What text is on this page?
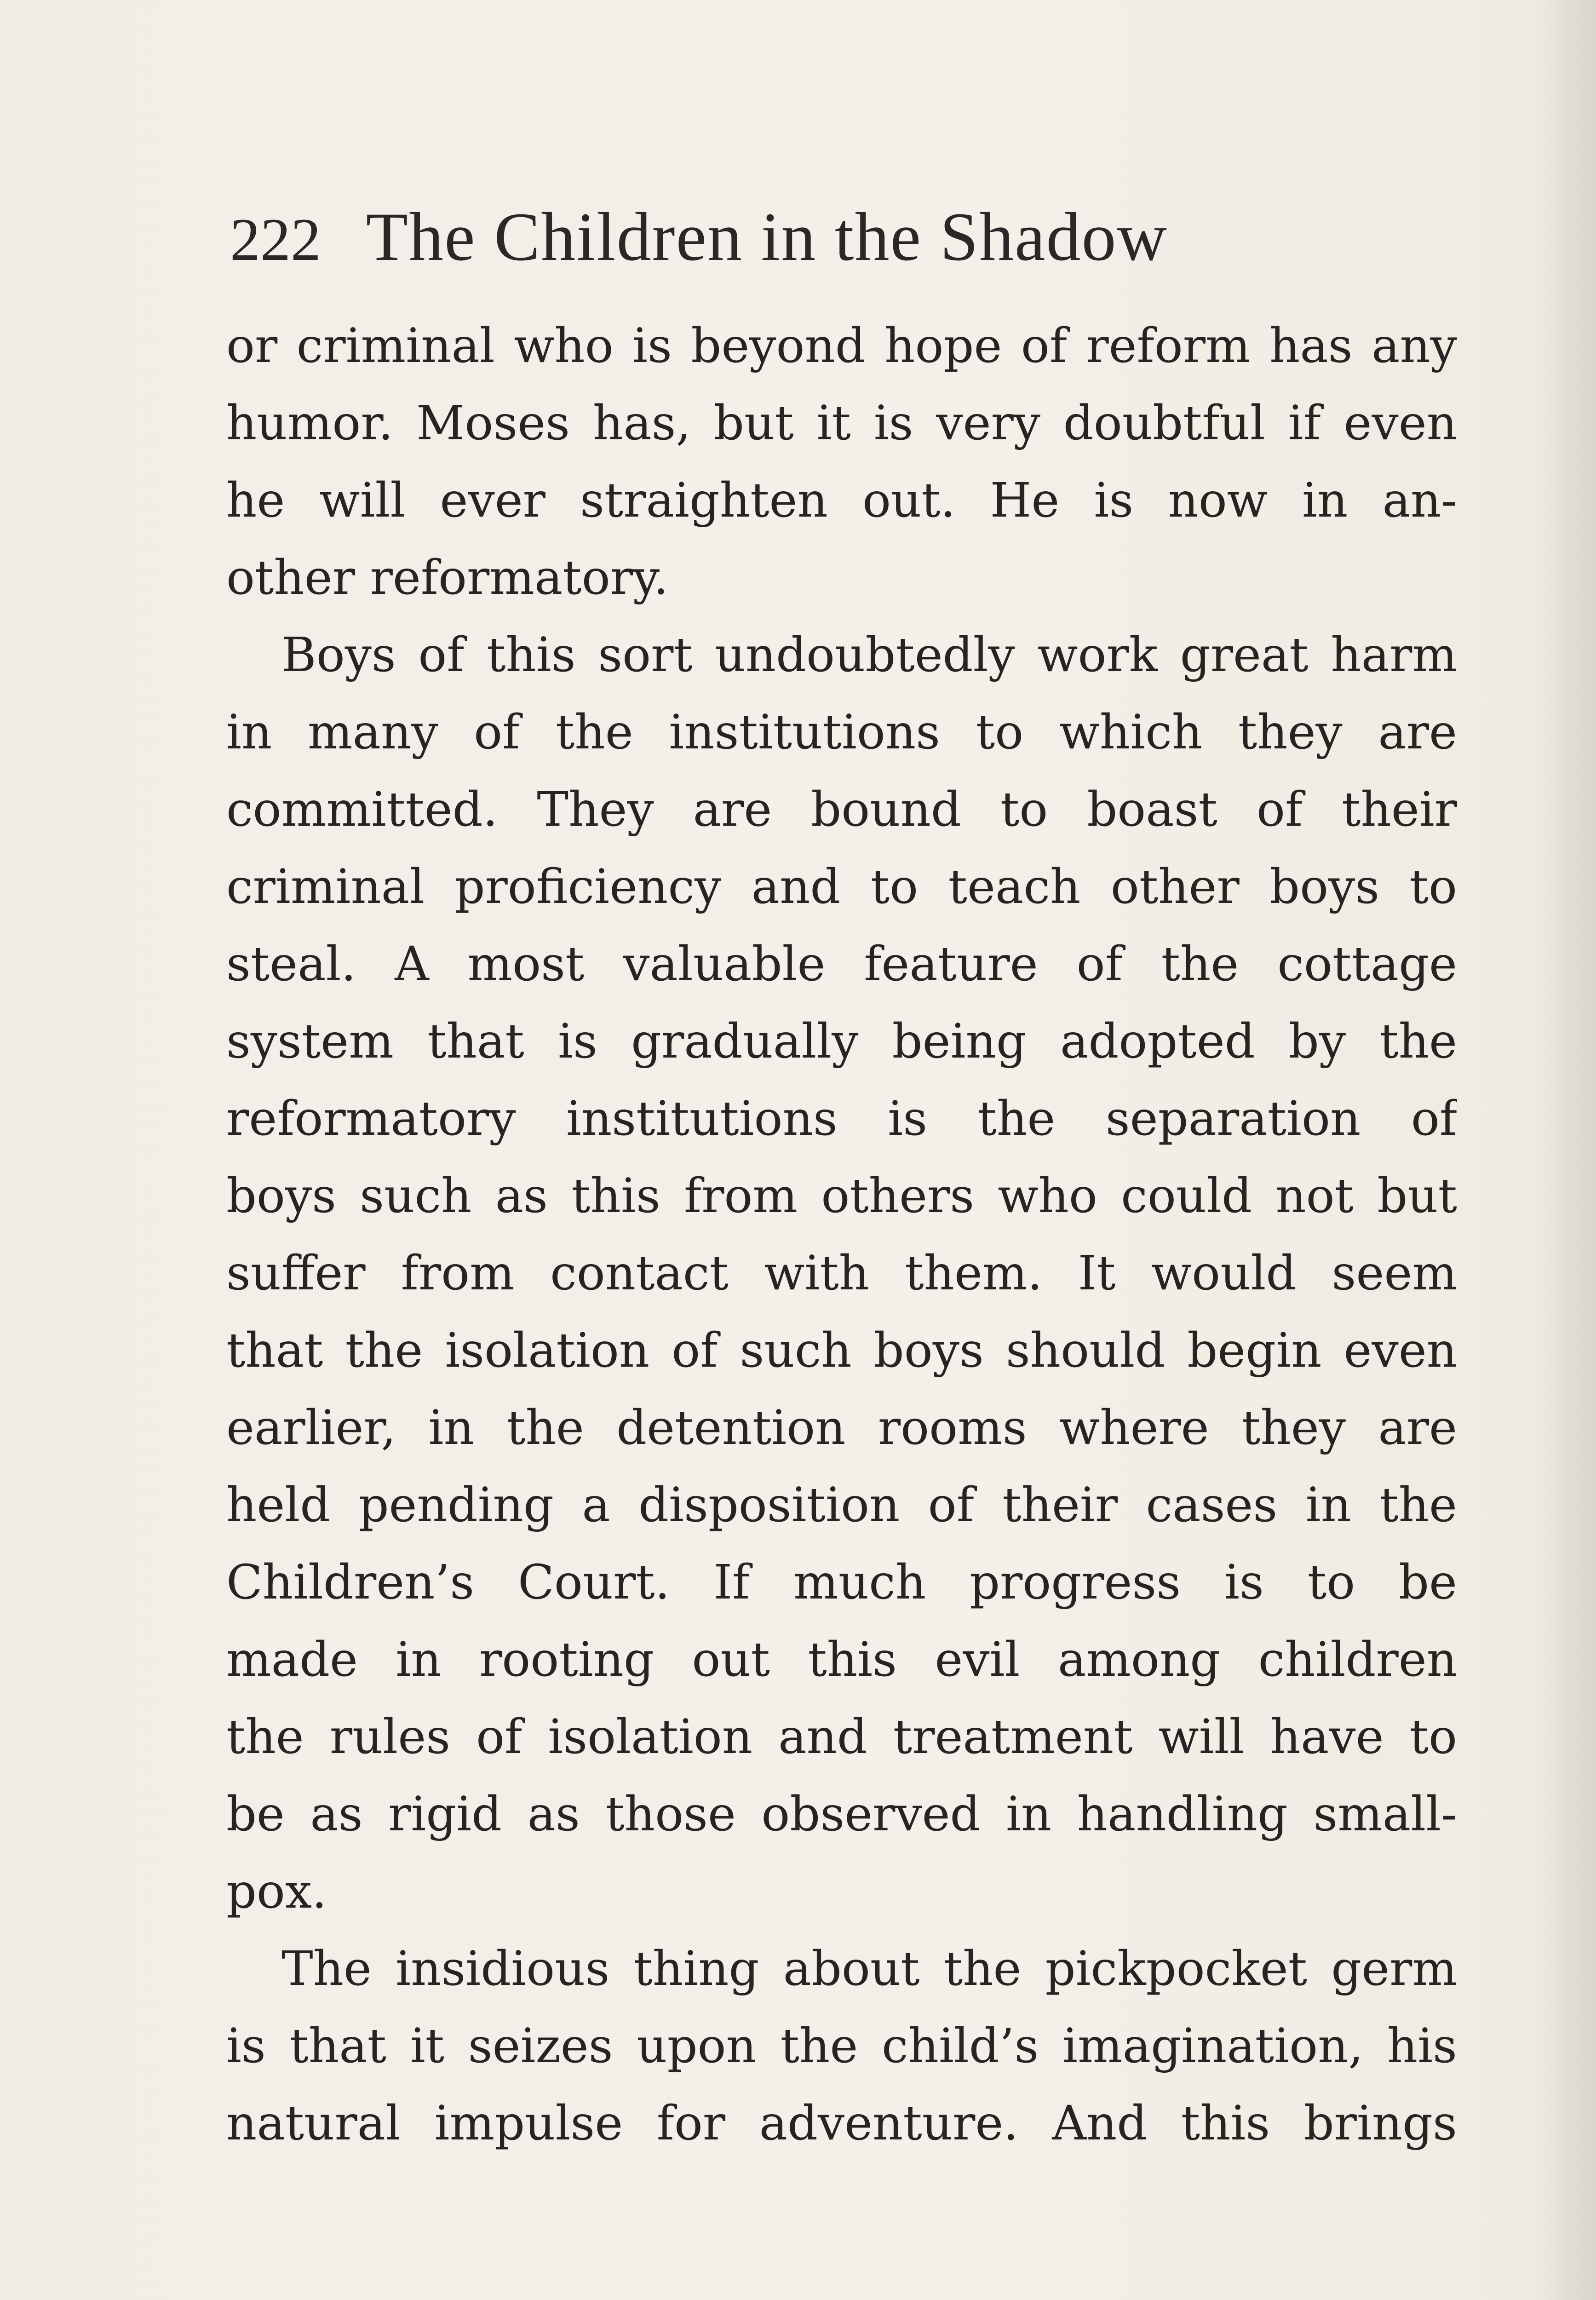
222 The Children in the Shadow
or criminal who is beyond hope of reform has any
humor. Moses has, but it is very doubtful if even
he will ever straighten out. He is now in an-
other reformatory.
Boys of this sort undoubtedly work great harm
in many of the institutions to which they are
committed. They are bound to boast of their
criminal proficiency and to teach other boys to
steal. A most valuable feature of the cottage
system that is gradually being adopted by the
reformatory institutions is the separation of
boys such as this from others who could not but
suffer from contact with them. It would seem
that the isolation of such boys should begin even
earlier, in the detention rooms where they are
held pending a disposition of their cases in the
Children’s Court. If much progress is to be
made in rooting out this evil among children
the rules of isolation and treatment will have to
be as rigid as those observed in handling small-
pox.
The insidious thing about the pickpocket germ
is that it seizes upon the child’s imagination, his
natural impulse for adventure. And this brings
